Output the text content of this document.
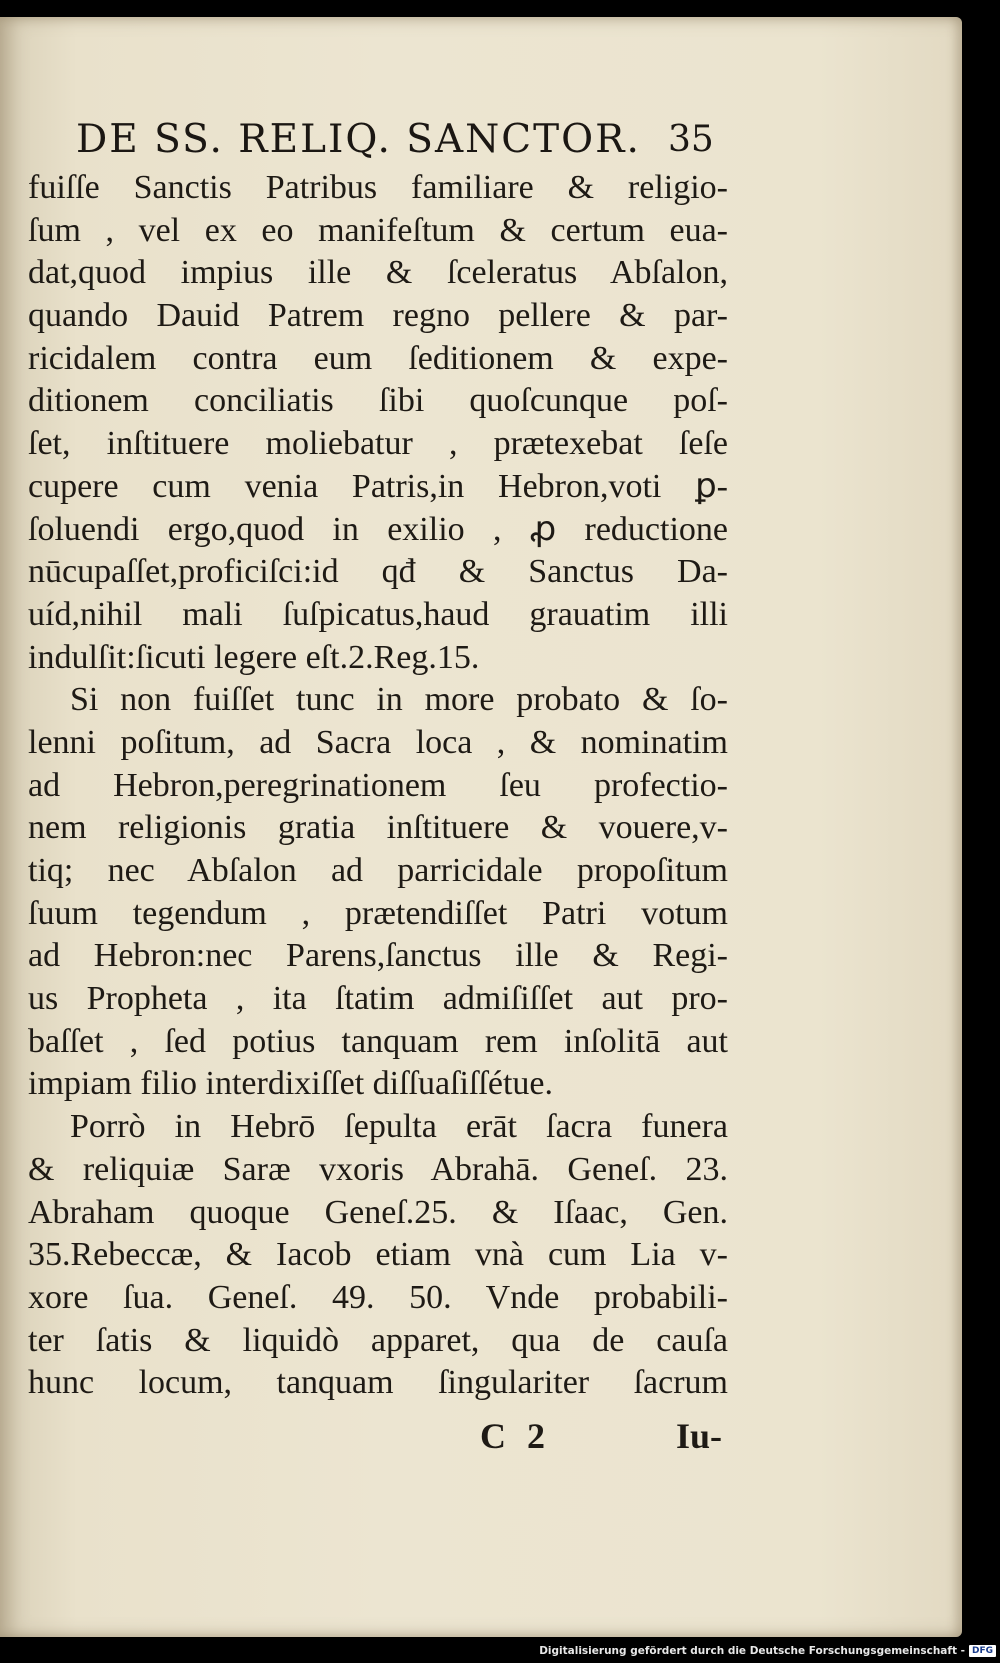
DE SS. RELIQ. SANCTOR. 35
fuiſſe Sanctis Patribus familiare & religio-
ſum , vel ex eo manifeſtum & certum eua-
dat,quod impius ille & ſceleratus Abſalon,
quando Dauid Patrem regno pellere & par-
ricidalem contra eum ſeditionem & expe-
ditionem conciliatis ſibi quoſcunque poſ-
ſet, inſtituere moliebatur , prætexebat ſeſe
cupere cum venia Patris,in Hebron,voti ꝑ-
ſoluendi ergo,quod in exilio , ꝓ reductione
nūcupaſſet,proficiſci:id qđ & Sanctus Da-
uíd,nihil mali ſuſpicatus,haud grauatim illi
indulſit:ſicuti legere eſt.2.Reg.15.
Si non fuiſſet tunc in more probato & ſo-
lenni poſitum, ad Sacra loca , & nominatim
ad Hebron,peregrinationem ſeu profectio-
nem religionis gratia inſtituere & vouere,v-
tiq; nec Abſalon ad parricidale propoſitum
ſuum tegendum , prætendiſſet Patri votum
ad Hebron:nec Parens,ſanctus ille & Regi-
us Propheta , ita ſtatim admiſiſſet aut pro-
baſſet , ſed potius tanquam rem inſolitā aut
impiam filio interdixiſſet diſſuaſiſſétue.
Porrò in Hebrō ſepulta erāt ſacra funera
& reliquiæ Saræ vxoris Abrahā. Geneſ. 23.
Abraham quoque Geneſ.25. & Iſaac, Gen.
35.Rebeccæ, & Iacob etiam vnà cum Lia v-
xore ſua. Geneſ. 49. 50. Vnde probabili-
ter ſatis & liquidò apparet, qua de cauſa
hunc locum, tanquam ſingulariter ſacrum
C 2	Iu-
Digitalisierung gefördert durch die Deutsche Forschungsgemeinschaft - DFG
